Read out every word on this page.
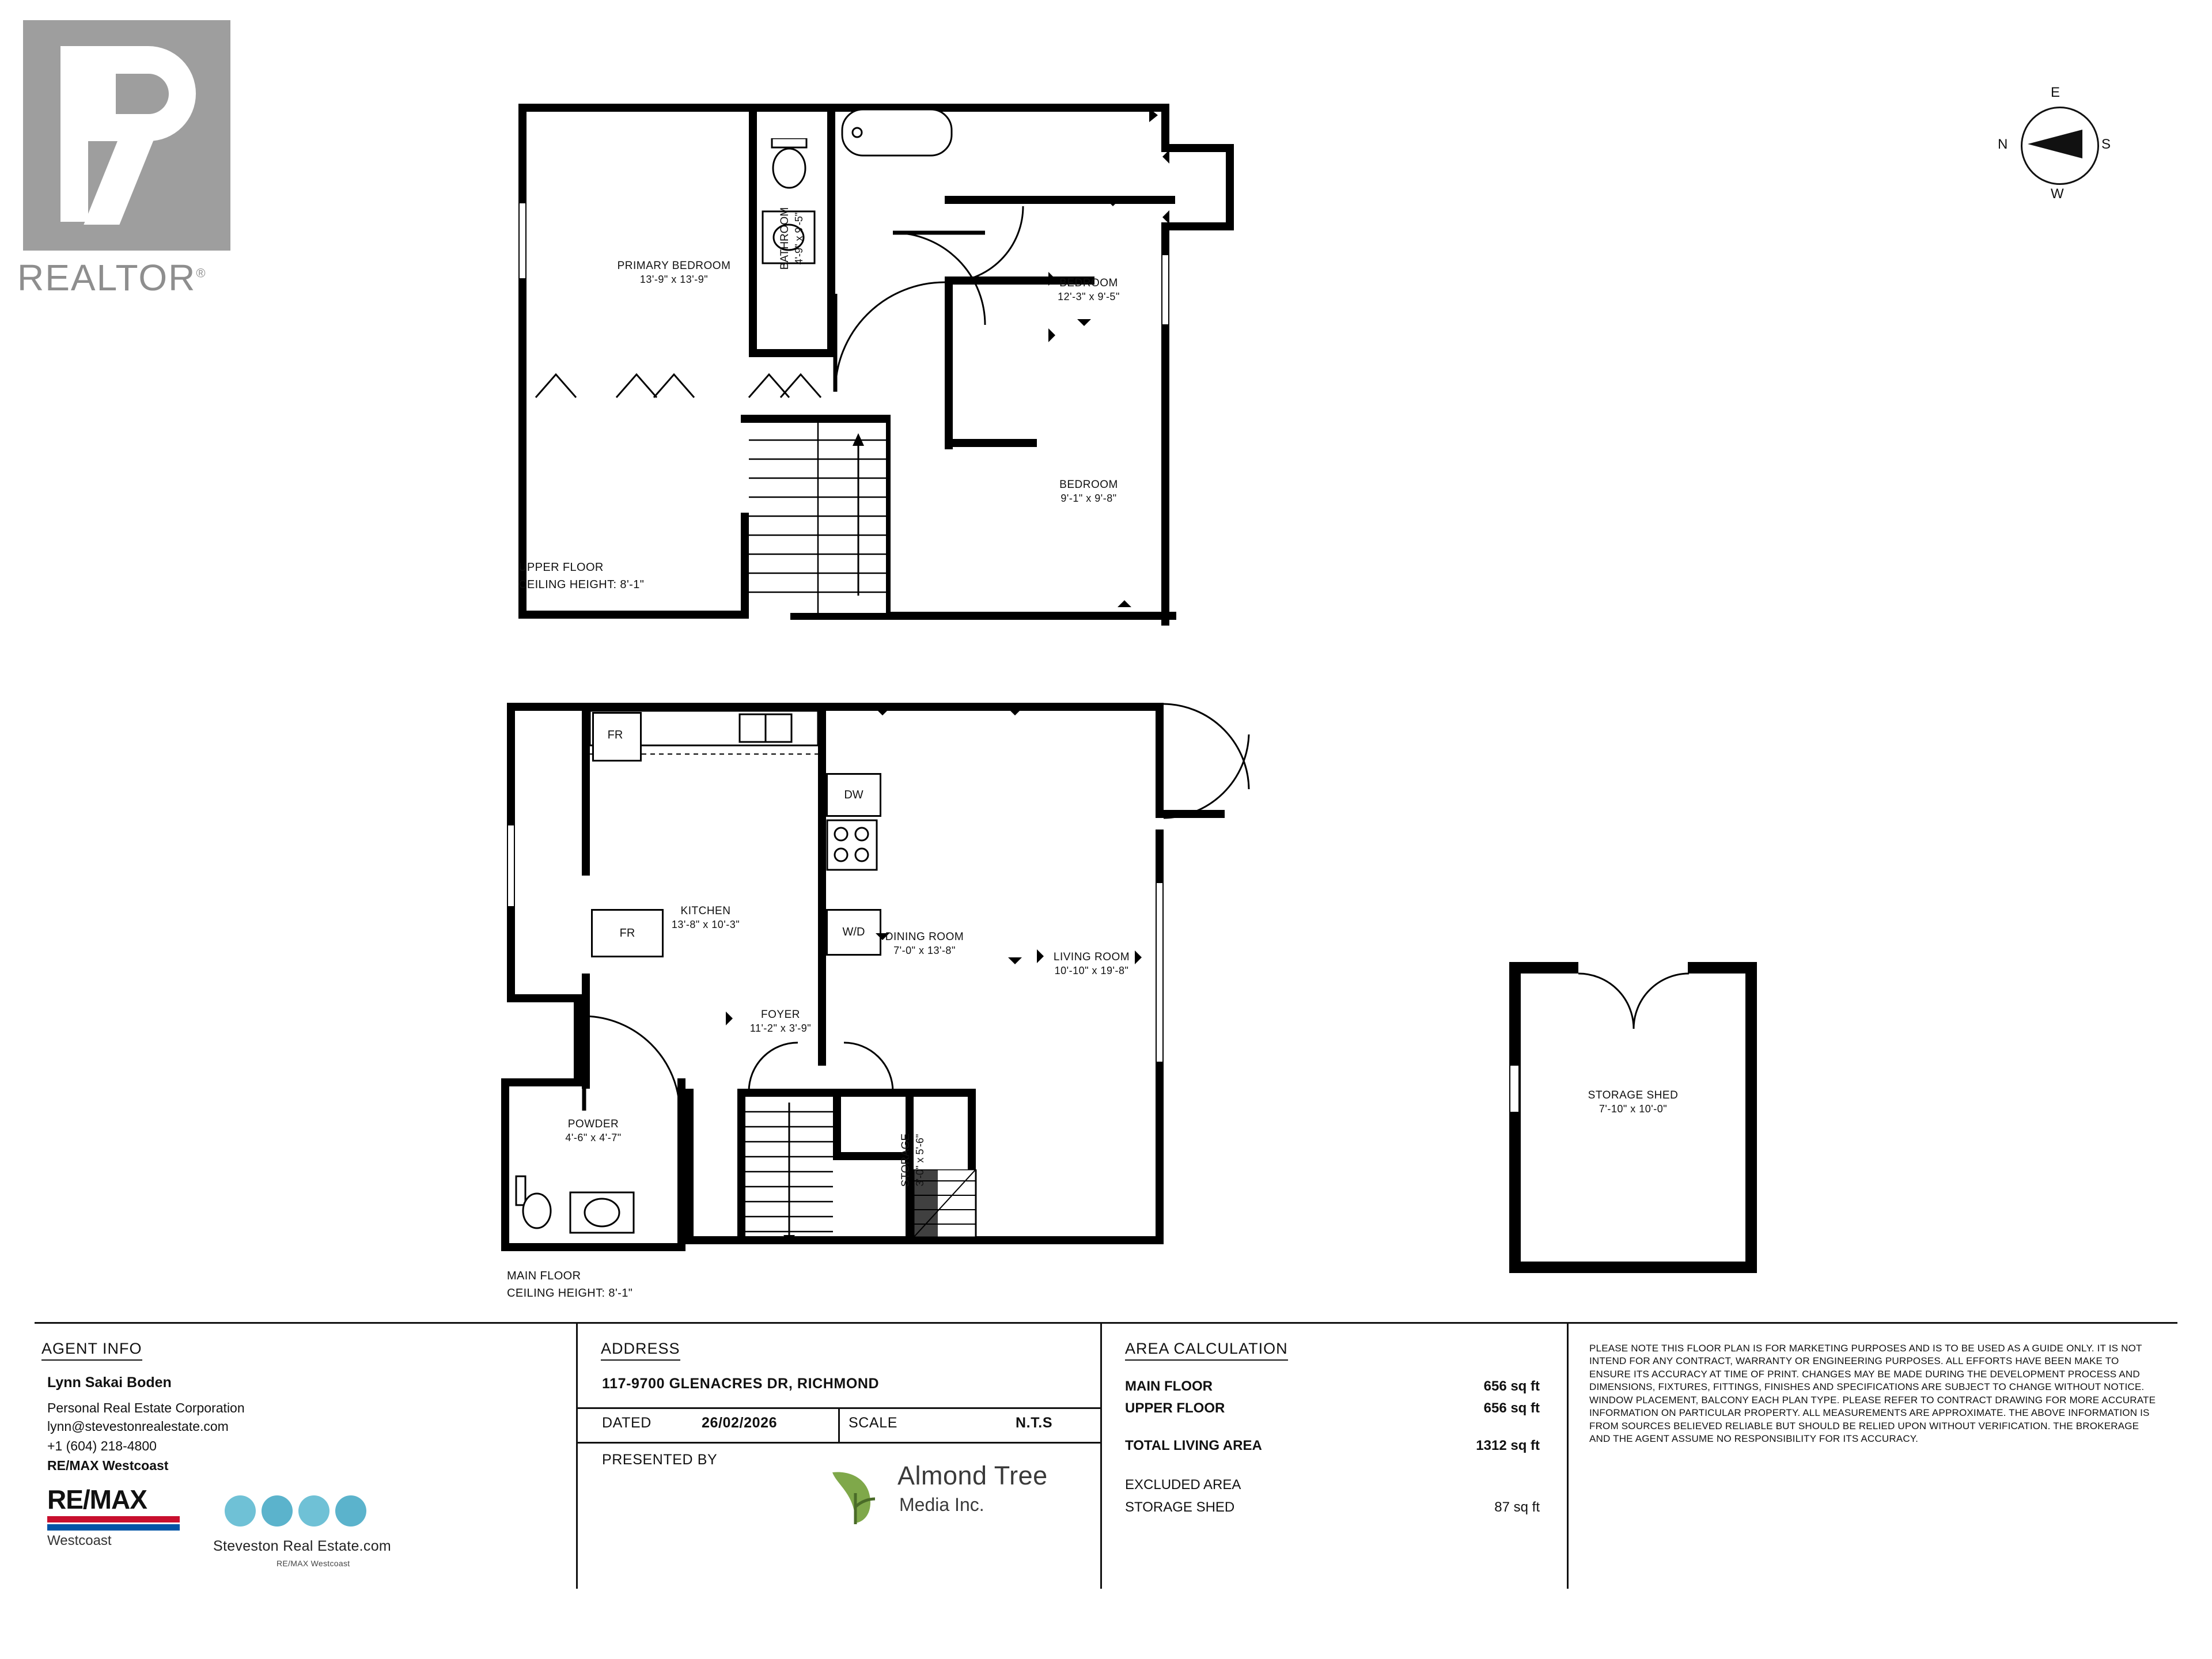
REALTOR®
E
S
W
N
PRIMARY BEDROOM
13'-9" x 13'-9"
BATHROOM 4'-9" x 9'-5"
BEDROOM
12'-3" x 9'-5"
BEDROOM
9'-1" x 9'-8"
UPPER FLOOR
CEILING HEIGHT: 8'-1"
FR
DW
W/D
FR
KITCHEN
13'-8" x 10'-3"
DINING ROOM
7'-0" x 13'-8"
LIVING ROOM
10'-10" x 19'-8"
FOYER
11'-2" x 3'-9"
POWDER
4'-6" x 4'-7"	STORAGE 3'-0" x 5'-6"
MAIN FLOOR
CEILING HEIGHT: 8'-1"
STORAGE SHED
7'-10" x 10'-0"
AGENT INFO
Lynn Sakai Boden
Personal Real Estate Corporation
lynn@stevestonrealestate.com
+1 (604) 218-4800
RE/MAX Westcoast
RE/MAX
Westcoast	Steveston Real Estate.com
RE/MAX Westcoast
ADDRESS
117-9700 GLENACRES DR, RICHMOND
DATED	26/02/2026	SCALE	N.T.S
PRESENTED BY
Almond Tree
Media Inc.
AREA CALCULATION
MAIN FLOOR	656 sq ft
UPPER FLOOR	656 sq ft
TOTAL LIVING AREA	1312 sq ft
EXCLUDED AREA
STORAGE SHED	87 sq ft
PLEASE NOTE THIS FLOOR PLAN IS FOR MARKETING PURPOSES AND IS TO BE USED AS A GUIDE ONLY. IT IS NOT INTEND FOR ANY CONTRACT, WARRANTY OR ENGINEERING PURPOSES. ALL EFFORTS HAVE BEEN MAKE TO ENSURE ITS ACCURACY AT TIME OF PRINT. CHANGES MAY BE MADE DURING THE DEVELOPMENT PROCESS AND DIMENSIONS, FIXTURES, FITTINGS, FINISHES AND SPECIFICATIONS ARE SUBJECT TO CHANGE WITHOUT NOTICE. WINDOW PLACEMENT, BALCONY EACH PLAN TYPE. PLEASE REFER TO CONTRACT DRAWING FOR MORE ACCURATE INFORMATION ON PARTICULAR PROPERTY. ALL MEASUREMENTS ARE APPROXIMATE. THE ABOVE INFORMATION IS FROM SOURCES BELIEVED RELIABLE BUT SHOULD BE RELIED UPON WITHOUT VERIFICATION. THE BROKERAGE AND THE AGENT ASSUME NO RESPONSIBILITY FOR ITS ACCURACY.
